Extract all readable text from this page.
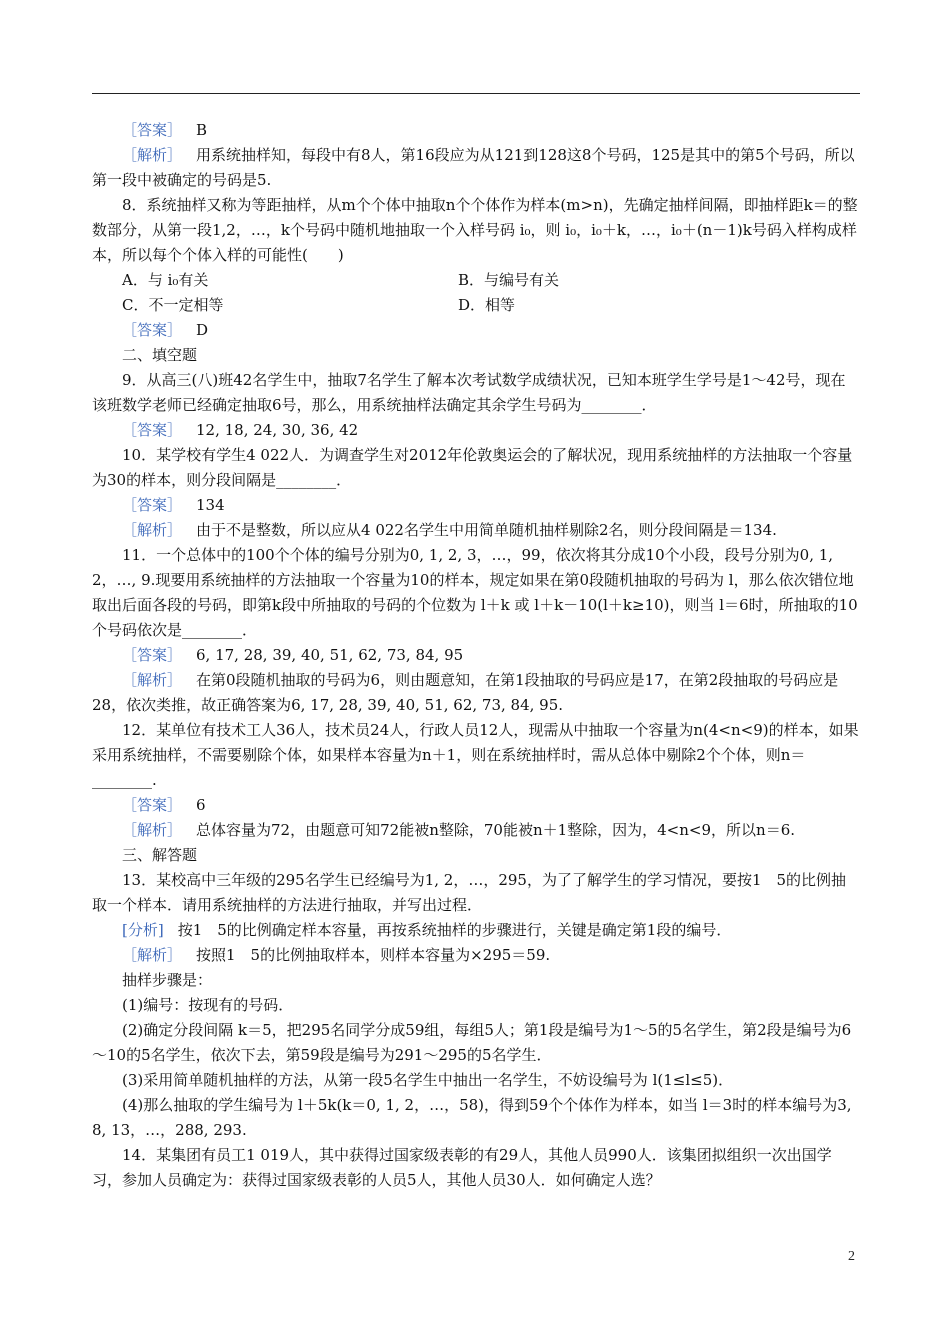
［答案］ B

［解析］ 用系统抽样知，每段中有8人，第16段应为从121到128这8个号码，125是其中的第5个号码，所以第一段中被确定的号码是5.

8．系统抽样又称为等距抽样，从m个个体中抽取n个个体作为样本(m>n)，先确定抽样间隔，即抽样距k＝的整数部分，从第一段1,2，…，k个号码中随机地抽取一个入样号码 i₀，则 i₀，i₀＋k，…，i₀＋(n－1)k号码入样构成样本，所以每个个体入样的可能性(　　)

A．与 i₀有关	B．与编号有关
C．不一定相等	D．相等

［答案］ D

二、填空题

9．从高三(八)班42名学生中，抽取7名学生了解本次考试数学成绩状况，已知本班学生学号是1～42号，现在该班数学老师已经确定抽取6号，那么，用系统抽样法确定其余学生号码为________．

［答案］ 12, 18, 24, 30, 36, 42

10．某学校有学生4 022人．为调查学生对2012年伦敦奥运会的了解状况，现用系统抽样的方法抽取一个容量为30的样本，则分段间隔是________．

［答案］ 134

［解析］ 由于不是整数，所以应从4 022名学生中用简单随机抽样剔除2名，则分段间隔是＝134.

11．一个总体中的100个个体的编号分别为0, 1, 2, 3，…，99，依次将其分成10个小段，段号分别为0, 1, 2，…, 9.现要用系统抽样的方法抽取一个容量为10的样本，规定如果在第0段随机抽取的号码为 l，那么依次错位地取出后面各段的号码，即第k段中所抽取的号码的个位数为 l＋k 或 l＋k－10(l＋k≥10)，则当 l＝6时，所抽取的10个号码依次是________．

［答案］ 6, 17, 28, 39, 40, 51, 62, 73, 84, 95

［解析］ 在第0段随机抽取的号码为6，则由题意知，在第1段抽取的号码应是17，在第2段抽取的号码应是28，依次类推，故正确答案为6, 17, 28, 39, 40, 51, 62, 73, 84, 95.

12．某单位有技术工人36人，技术员24人，行政人员12人，现需从中抽取一个容量为n(4<n<9)的样本，如果采用系统抽样，不需要剔除个体，如果样本容量为n＋1，则在系统抽样时，需从总体中剔除2个个体，则n＝________.

［答案］ 6

［解析］ 总体容量为72，由题意可知72能被n整除，70能被n＋1整除，因为，4<n<9，所以n＝6.

三、解答题

13．某校高中三年级的295名学生已经编号为1, 2，…，295，为了了解学生的学习情况，要按1　5的比例抽取一个样本．请用系统抽样的方法进行抽取，并写出过程．

[分析] 按1　5的比例确定样本容量，再按系统抽样的步骤进行，关键是确定第1段的编号．

［解析］ 按照1　5的比例抽取样本，则样本容量为×295＝59.

抽样步骤是：

(1)编号：按现有的号码．

(2)确定分段间隔 k＝5，把295名同学分成59组，每组5人；第1段是编号为1～5的5名学生，第2段是编号为6～10的5名学生，依次下去，第59段是编号为291～295的5名学生．

(3)采用简单随机抽样的方法，从第一段5名学生中抽出一名学生，不妨设编号为 l(1≤l≤5)．

(4)那么抽取的学生编号为 l＋5k(k＝0, 1, 2，…，58)，得到59个个体作为样本，如当 l＝3时的样本编号为3, 8, 13，…，288, 293.

14．某集团有员工1 019人，其中获得过国家级表彰的有29人，其他人员990人．该集团拟组织一次出国学习，参加人员确定为：获得过国家级表彰的人员5人，其他人员30人．如何确定人选？

2
